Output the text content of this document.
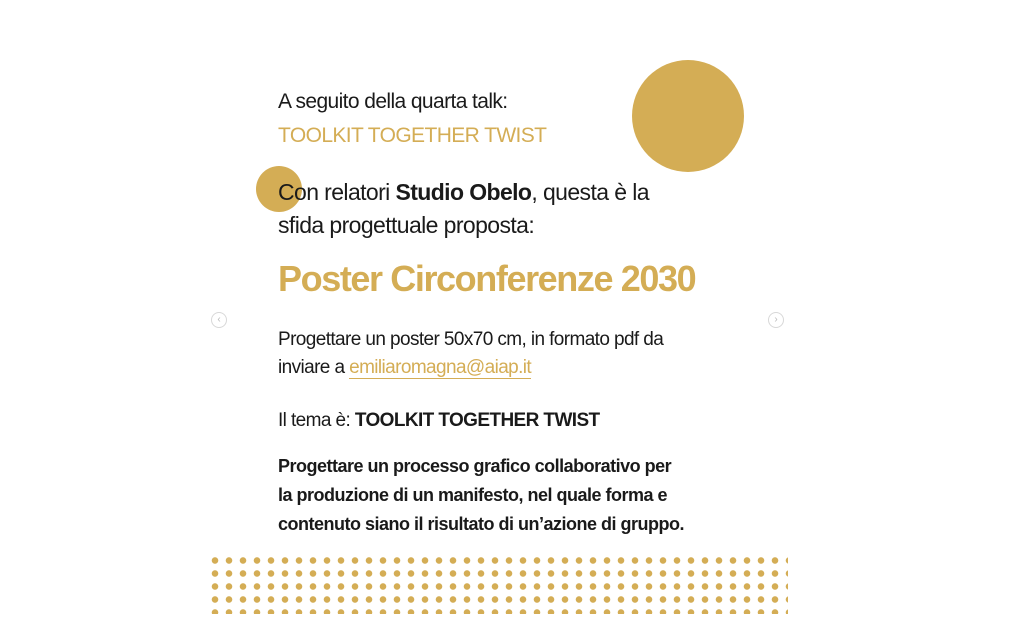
‹	›
A seguito della quarta talk:
TOOLKIT TOGETHER TWIST
Con relatori Studio Obelo, questa è la
sfida progettuale proposta:
Poster Circonferenze 2030
Progettare un poster 50x70 cm, in formato pdf da
inviare a emiliaromagna@aiap.it
Il tema è: TOOLKIT TOGETHER TWIST
Progettare un processo grafico collaborativo per
la produzione di un manifesto, nel quale forma e
contenuto siano il risultato di un’azione di gruppo.
